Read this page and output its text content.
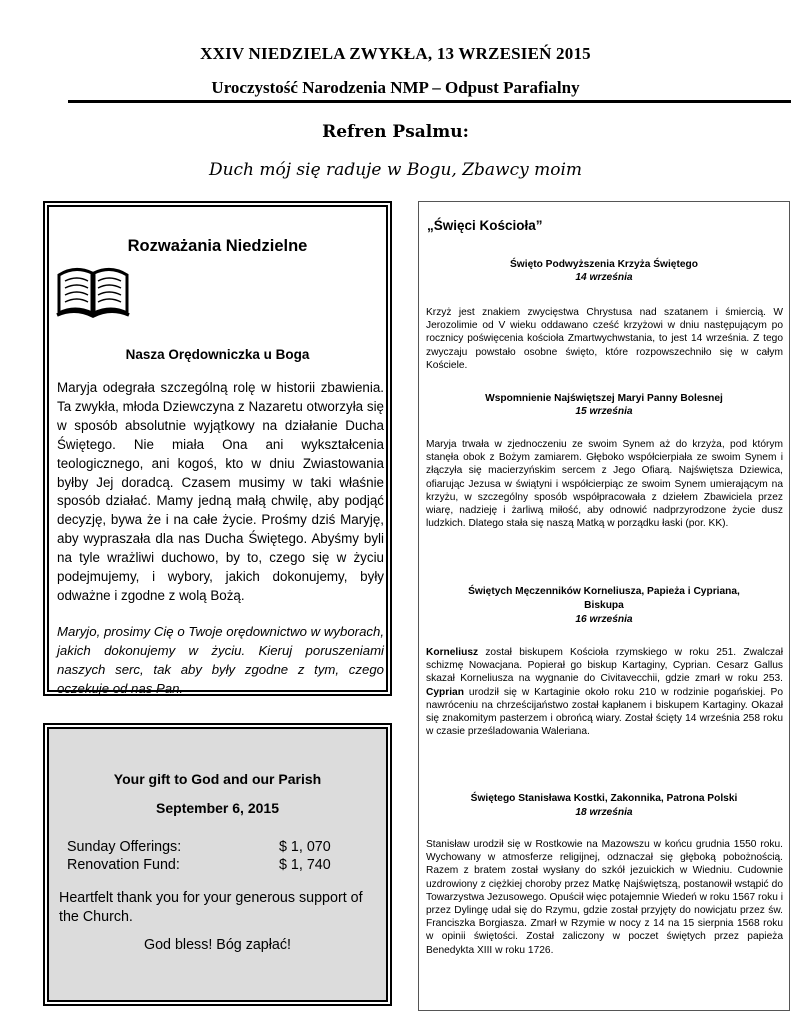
XXIV NIEDZIELA ZWYKŁA, 13 WRZESIEŃ 2015
Uroczystość Narodzenia NMP – Odpust Parafialny
Refren Psalmu:
Duch mój się raduje w Bogu, Zbawcy moim
Rozważania Niedzielne
Nasza Orędowniczka u Boga
Maryja odegrała szczególną rolę w historii zbawienia. Ta zwykła, młoda Dziewczyna z Nazaretu otworzyła się w sposób absolutnie wyjątkowy na działanie Ducha Świętego. Nie miała Ona ani wykształcenia teologicznego, ani kogoś, kto w dniu Zwiastowania byłby Jej doradcą. Czasem musimy w taki właśnie sposób działać. Mamy jedną małą chwilę, aby podjąć decyzję, bywa że i na całe życie. Prośmy dziś Maryję, aby wypraszała dla nas Ducha Świętego. Abyśmy byli na tyle wrażliwi duchowo, by to, czego się w życiu podejmujemy, i wybory, jakich dokonujemy, były odważne i zgodne z wolą Bożą.
Maryjo, prosimy Cię o Twoje orędownictwo w wyborach, jakich dokonujemy w życiu. Kieruj poruszeniami naszych serc, tak aby były zgodne z tym, czego oczekuje od nas Pan.
Your gift to God and our Parish
September 6, 2015
Sunday Offerings:	$ 1, 070
Renovation Fund:	$ 1, 740
Heartfelt thank you for your generous support of the Church.
God bless! Bóg zapłać!
„Święci Kościoła”
Święto Podwyższenia Krzyża Świętego
14 września
Krzyż jest znakiem zwycięstwa Chrystusa nad szatanem i śmiercią. W Jerozolimie od V wieku oddawano cześć krzyżowi w dniu następującym po rocznicy poświęcenia kościoła Zmartwychwstania, to jest 14 września. Z tego zwyczaju powstało osobne święto, które rozpowszechniło się w całym Kościele.
Wspomnienie Najświętszej Maryi Panny Bolesnej
15 września
Maryja trwała w zjednoczeniu ze swoim Synem aż do krzyża, pod którym stanęła obok z Bożym zamiarem. Głęboko współcierpiała ze swoim Synem i złączyła się macierzyńskim sercem z Jego Ofiarą. Najświętsza Dziewica, ofiarując Jezusa w świątyni i współcierpiąc ze swoim Synem umierającym na krzyżu, w szczególny sposób współpracowała z dziełem Zbawiciela przez wiarę, nadzieję i żarliwą miłość, aby odnowić nadprzyrodzone życie dusz ludzkich. Dlatego stała się naszą Matką w porządku łaski (por. KK).
Świętych Męczenników Korneliusza, Papieża i Cypriana,
Biskupa
16 września
Korneliusz został biskupem Kościoła rzymskiego w roku 251. Zwalczał schizmę Nowacjana. Popierał go biskup Kartaginy, Cyprian. Cesarz Gallus skazał Korneliusza na wygnanie do Civitavecchii, gdzie zmarł w roku 253. Cyprian urodził się w Kartaginie około roku 210 w rodzinie pogańskiej. Po nawróceniu na chrześcijaństwo został kapłanem i biskupem Kartaginy. Okazał się znakomitym pasterzem i obrońcą wiary. Został ścięty 14 września 258 roku w czasie prześladowania Waleriana.
Świętego Stanisława Kostki, Zakonnika, Patrona Polski
18 września
Stanisław urodził się w Rostkowie na Mazowszu w końcu grudnia 1550 roku. Wychowany w atmosferze religijnej, odznaczał się głęboką pobożnością. Razem z bratem został wysłany do szkół jezuickich w Wiedniu. Cudownie uzdrowiony z ciężkiej choroby przez Matkę Najświętszą, postanowił wstąpić do Towarzystwa Jezusowego. Opuścił więc potajemnie Wiedeń w roku 1567 roku i przez Dylingę udał się do Rzymu, gdzie został przyjęty do nowicjatu przez św. Franciszka Borgiasza. Zmarł w Rzymie w nocy z 14 na 15 sierpnia 1568 roku w opinii świętości. Został zaliczony w poczet świętych przez papieża Benedykta XIII w roku 1726.
